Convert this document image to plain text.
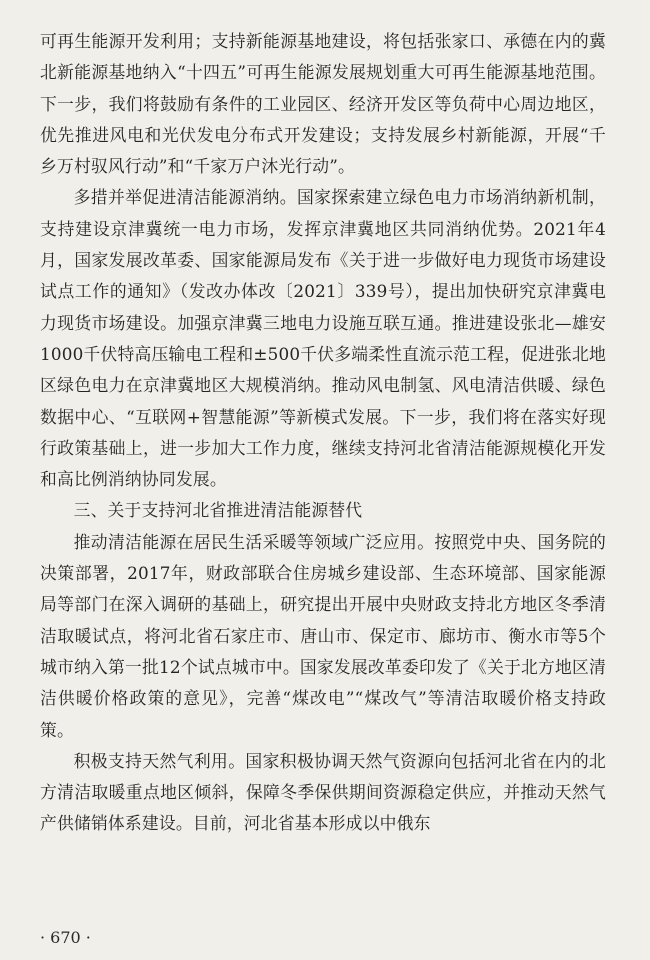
可再生能源开发利用；支持新能源基地建设，将包括张家口、承德在内的冀北新能源基地纳入“十四五”可再生能源发展规划重大可再生能源基地范围。下一步，我们将鼓励有条件的工业园区、经济开发区等负荷中心周边地区，优先推进风电和光伏发电分布式开发建设；支持发展乡村新能源，开展“千乡万村驭风行动”和“千家万户沐光行动”。

多措并举促进清洁能源消纳。国家探索建立绿色电力市场消纳新机制，支持建设京津冀统一电力市场，发挥京津冀地区共同消纳优势。2021年4月，国家发展改革委、国家能源局发布《关于进一步做好电力现货市场建设试点工作的通知》（发改办体改〔2021〕339号），提出加快研究京津冀电力现货市场建设。加强京津冀三地电力设施互联互通。推进建设张北—雄安1000千伏特高压输电工程和±500千伏多端柔性直流示范工程，促进张北地区绿色电力在京津冀地区大规模消纳。推动风电制氢、风电清洁供暖、绿色数据中心、“互联网+智慧能源”等新模式发展。下一步，我们将在落实好现行政策基础上，进一步加大工作力度，继续支持河北省清洁能源规模化开发和高比例消纳协同发展。

三、关于支持河北省推进清洁能源替代

推动清洁能源在居民生活采暖等领域广泛应用。按照党中央、国务院的决策部署，2017年，财政部联合住房城乡建设部、生态环境部、国家能源局等部门在深入调研的基础上，研究提出开展中央财政支持北方地区冬季清洁取暖试点，将河北省石家庄市、唐山市、保定市、廊坊市、衡水市等5个城市纳入第一批12个试点城市中。国家发展改革委印发了《关于北方地区清洁供暖价格政策的意见》，完善“煤改电”“煤改气”等清洁取暖价格支持政策。

积极支持天然气利用。国家积极协调天然气资源向包括河北省在内的北方清洁取暖重点地区倾斜，保障冬季保供期间资源稳定供应，并推动天然气产供储销体系建设。目前，河北省基本形成以中俄东

· 670 ·
